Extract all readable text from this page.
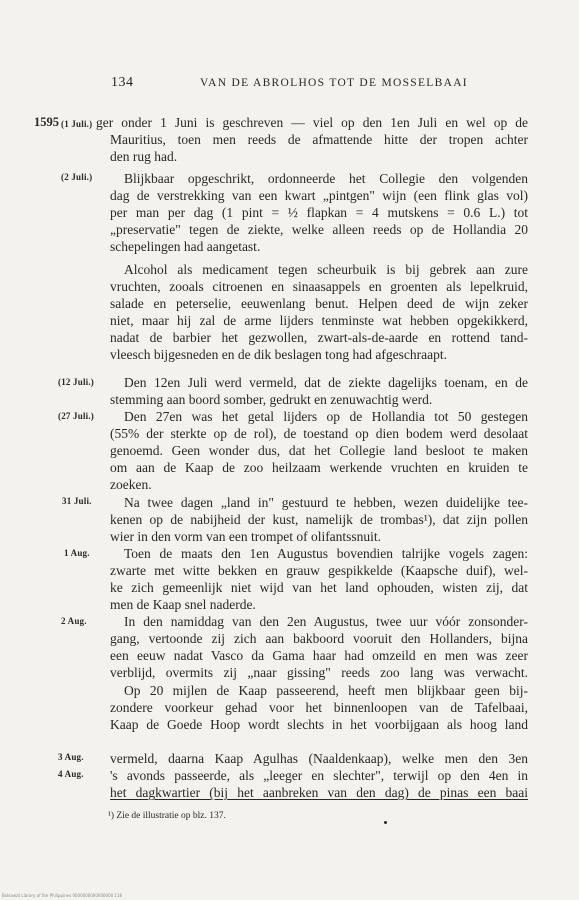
134	VAN DE ABROLHOS TOT DE MOSSELBAAI
1595 (1 Juli.)
(2 Juli.)
(12 Juli.)
(27 Juli.)
31 Juli.
1 Aug.
2 Aug.
3 Aug.
4 Aug.

ger onder 1 Juni is geschreven — viel op den 1en Juli en wel op de

Mauritius, toen men reeds de afmattende hitte der tropen achter

den rug had.

Blijkbaar opgeschrikt, ordonneerde het Collegie den volgenden

dag de verstrekking van een kwart „pintgen" wijn (een flink glas vol)

per man per dag (1 pint = ½ flapkan = 4 mutskens = 0.6 L.) tot

„preservatie" tegen de ziekte, welke alleen reeds op de Hollandia 20

schepelingen had aangetast.

Alcohol als medicament tegen scheurbuik is bij gebrek aan zure

vruchten, zooals citroenen en sinaasappels en groenten als lepelkruid,

salade en peterselie, eeuwenlang benut. Helpen deed de wijn zeker

niet, maar hij zal de arme lijders tenminste wat hebben opgekikkerd,

nadat de barbier het gezwollen, zwart-als-de-aarde en rottend tand-

vleesch bijgesneden en de dik beslagen tong had afgeschraapt.

Den 12en Juli werd vermeld, dat de ziekte dagelijks toenam, en de

stemming aan boord somber, gedrukt en zenuwachtig werd.

Den 27en was het getal lijders op de Hollandia tot 50 gestegen

(55% der sterkte op de rol), de toestand op dien bodem werd desolaat

genoemd. Geen wonder dus, dat het Collegie land besloot te maken

om aan de Kaap de zoo heilzaam werkende vruchten en kruiden te

zoeken.

Na twee dagen „land in" gestuurd te hebben, wezen duidelijke tee-

kenen op de nabijheid der kust, namelijk de trombas¹), dat zijn pollen

wier in den vorm van een trompet of olifantssnuit.

Toen de maats den 1en Augustus bovendien talrijke vogels zagen:

zwarte met witte bekken en grauw gespikkelde (Kaapsche duif), wel-

ke zich gemeenlijk niet wijd van het land ophouden, wisten zij, dat

men de Kaap snel naderde.

In den namiddag van den 2en Augustus, twee uur vóór zonsonder-

gang, vertoonde zij zich aan bakboord vooruit den Hollanders, bijna

een eeuw nadat Vasco da Gama haar had omzeild en men was zeer

verblijd, overmits zij „naar gissing" reeds zoo lang was verwacht.

Op 20 mijlen de Kaap passeerend, heeft men blijkbaar geen bij-

zondere voorkeur gehad voor het binnenloopen van de Tafelbaai,

Kaap de Goede Hoop wordt slechts in het voorbijgaan als hoog land

vermeld, daarna Kaap Agulhas (Naaldenkaap), welke men den 3en

's avonds passeerde, als „leeger en slechter", terwijl op den 4en in

het dagkwartier (bij het aanbreken van den dag) de pinas een baai

¹) Zie de illustratie op blz. 137.
Bolsawat Library of the Philippines 0000000000000000 118
